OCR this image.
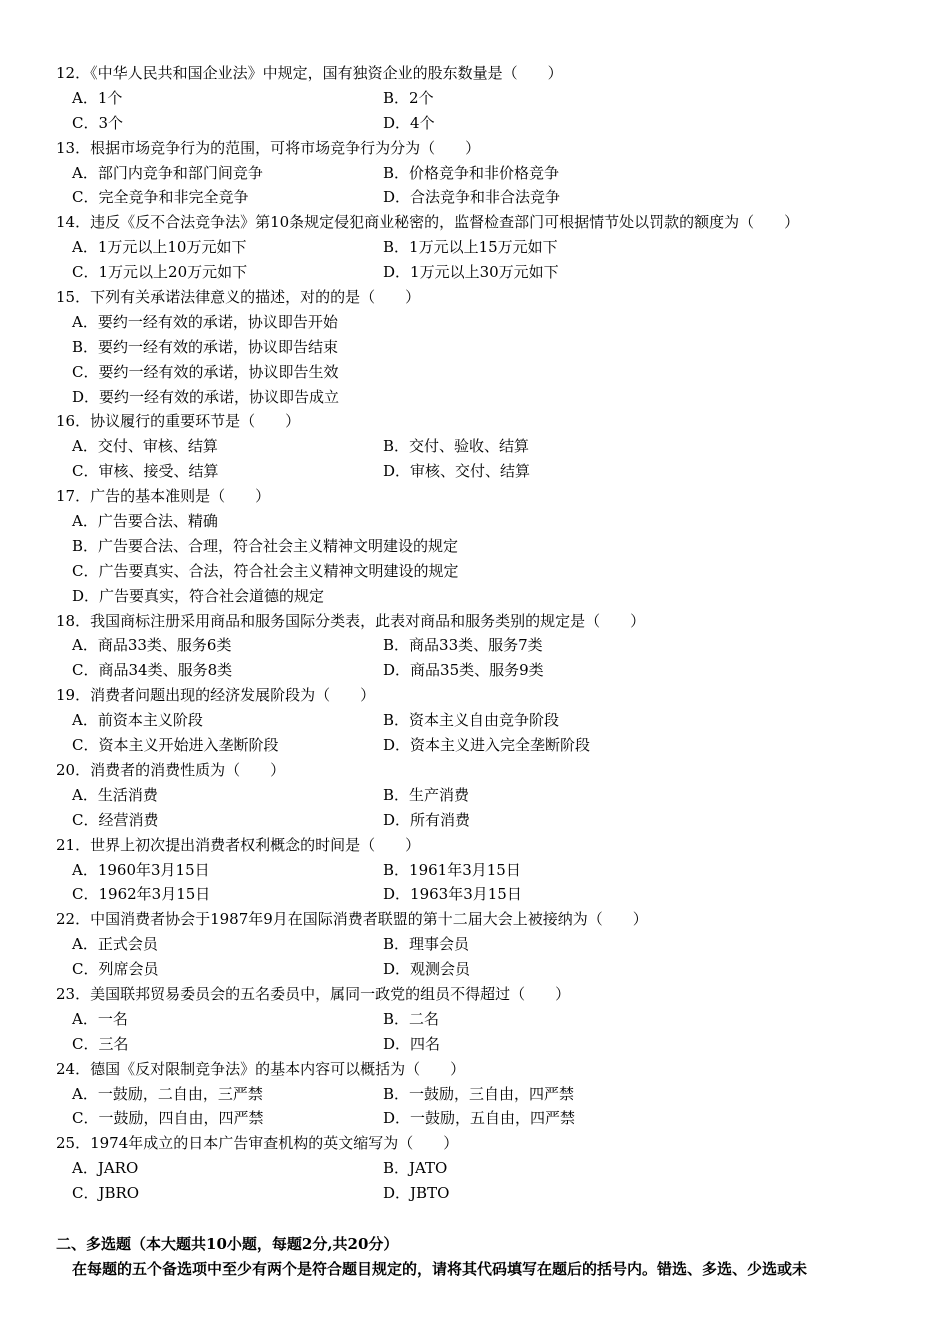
12．《中华人民共和国企业法》中规定，国有独资企业的股东数量是（　　）
A．1个	B．2个
C．3个	D．4个
13．根据市场竞争行为的范围，可将市场竞争行为分为（　　）
A．部门内竞争和部门间竞争	B．价格竞争和非价格竞争
C．完全竞争和非完全竞争	D．合法竞争和非合法竞争
14．违反《反不合法竞争法》第10条规定侵犯商业秘密的，监督检查部门可根据情节处以罚款的额度为（　　）
A．1万元以上10万元如下	B．1万元以上15万元如下
C．1万元以上20万元如下	D．1万元以上30万元如下
15．下列有关承诺法律意义的描述，对的的是（　　）
A．要约一经有效的承诺，协议即告开始
B．要约一经有效的承诺，协议即告结束
C．要约一经有效的承诺，协议即告生效
D．要约一经有效的承诺，协议即告成立
16．协议履行的重要环节是（　　）
A．交付、审核、结算	B．交付、验收、结算
C．审核、接受、结算	D．审核、交付、结算
17．广告的基本准则是（　　）
A．广告要合法、精确
B．广告要合法、合理，符合社会主义精神文明建设的规定
C．广告要真实、合法，符合社会主义精神文明建设的规定
D．广告要真实，符合社会道德的规定
18．我国商标注册采用商品和服务国际分类表，此表对商品和服务类别的规定是（　　）
A．商品33类、服务6类	B．商品33类、服务7类
C．商品34类、服务8类	D．商品35类、服务9类
19．消费者问题出现的经济发展阶段为（　　）
A．前资本主义阶段	B．资本主义自由竞争阶段
C．资本主义开始进入垄断阶段	D．资本主义进入完全垄断阶段
20．消费者的消费性质为（　　）
A．生活消费	B．生产消费
C．经营消费	D．所有消费
21．世界上初次提出消费者权利概念的时间是（　　）
A．1960年3月15日	B．1961年3月15日
C．1962年3月15日	D．1963年3月15日
22．中国消费者协会于1987年9月在国际消费者联盟的第十二届大会上被接纳为（　　）
A．正式会员	B．理事会员
C．列席会员	D．观测会员
23．美国联邦贸易委员会的五名委员中，属同一政党的组员不得超过（　　）
A．一名	B．二名
C．三名	D．四名
24．德国《反对限制竞争法》的基本内容可以概括为（　　）
A．一鼓励，二自由，三严禁	B．一鼓励，三自由，四严禁
C．一鼓励，四自由，四严禁	D．一鼓励，五自由，四严禁
25．1974年成立的日本广告审查机构的英文缩写为（　　）
A．JARO	B．JATO
C．JBRO	D．JBTO
二、多选题（本大题共10小题，每题2分,共20分）
在每题的五个备选项中至少有两个是符合题目规定的，请将其代码填写在题后的括号内。错选、多选、少选或未
